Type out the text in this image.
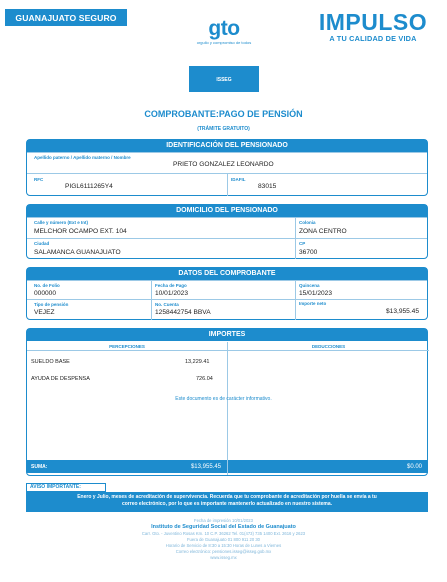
GUANAJUATO SEGURO	gto
orgullo y compromiso de todos
ISSEG
IMPULSO
A TU CALIDAD DE VIDA
COMPROBANTE:PAGO DE PENSIÓN
(TRÁMITE GRATUITO)
IDENTIFICACIÓN DEL PENSIONADO
Apellido paterno / Apellido materno / Nombre
PRIETO GONZALEZ LEONARDO
RFC
PIGL6111265Y4
IDAFIL
83015
DOMICILIO DEL PENSIONADO
Calle y número (Ext e Int)
MELCHOR OCAMPO EXT. 104
Colonia
ZONA CENTRO
Ciudad
SALAMANCA GUANAJUATO
CP
36700
DATOS DEL COMPROBANTE
No. de Folio
000000
Fecha de Pago
10/01/2023
Quincena
15/01/2023
Tipo de pensión
VEJEZ
No. Cuenta
1258442754 BBVA
Importe neto
$13,955.45
IMPORTES
PERCEPCIONES	DEDUCCIONES
SUELDO BASE	13,229.41
AYUDA DE DESPENSA	726.04
SUMA:	$13,955.45	$0.00
Este documento es de carácter informativo.
AVISO IMPORTANTE:
Enero y Julio, meses de acreditación de supervivencia. Recuerda que tu comprobante de acreditación por huella se envía a tu
correo electrónico, por lo que es importante mantenerlo actualizado en nuestro sistema.
Fecha de impresión 10/01/2023
Instituto de Seguridad Social del Estado de Guanajuato
Carr. Gto. - Juventino Rosas Km. 10 C.P. 36262 Tel. 01(473) 735 1400 Ext. 2616 y 2623
Fuera de Guanajuato 01 800 911 20 30
Horario de Servicio de 8:30 a 15:30 Horas de Lunes a Viernes
Correo electrónico: pensiones.isseg@isseg.gob.mx
www.isseg.mx
